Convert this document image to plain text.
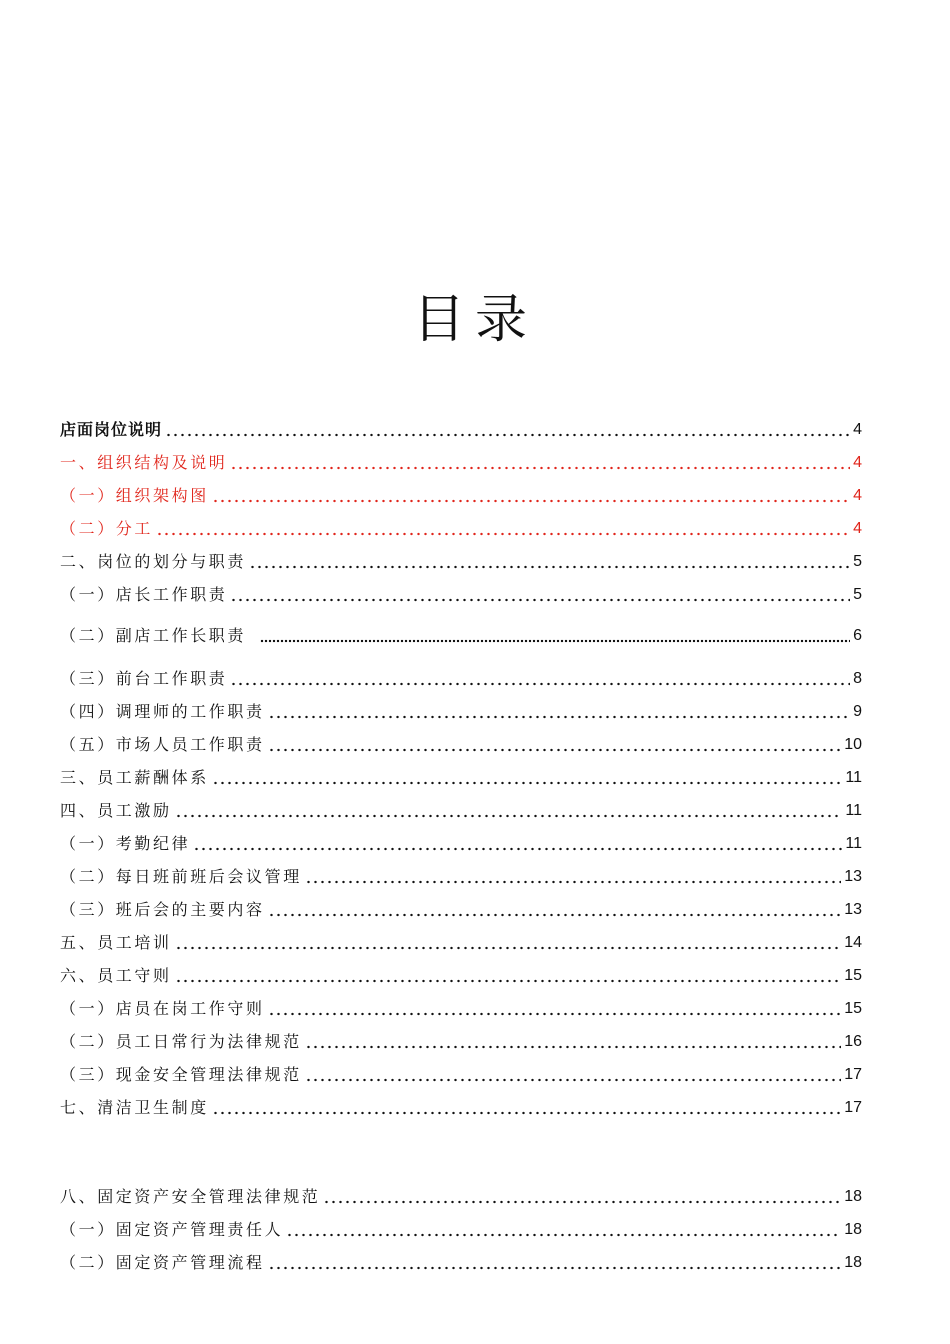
目录
店面岗位说明	4
一、组织结构及说明	4
（一）组织架构图	4
（二）分工	4
二、岗位的划分与职责	5
（一）店长工作职责	5
（二）副店工作长职责	6
（三）前台工作职责	8
（四）调理师的工作职责	9
（五）市场人员工作职责	10
三、员工薪酬体系	11
四、员工激励	11
（一）考勤纪律	11
（二）每日班前班后会议管理	13
（三）班后会的主要内容	13
五、员工培训	14
六、员工守则	15
（一）店员在岗工作守则	15
（二）员工日常行为法律规范	16
（三）现金安全管理法律规范	17
七、清洁卫生制度	17
八、固定资产安全管理法律规范	18
（一）固定资产管理责任人	18
（二）固定资产管理流程	18
